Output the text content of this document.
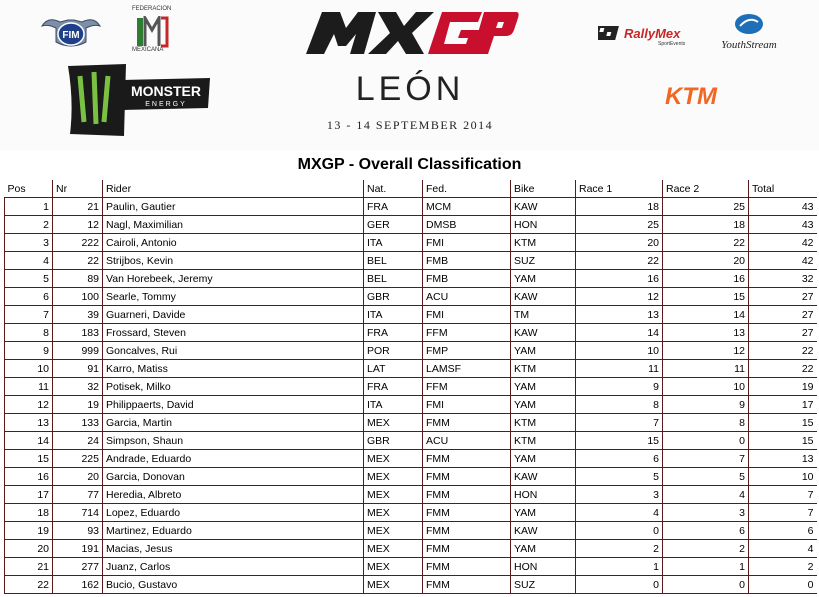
FIM
FEDERACION
MEXICANA
RallyMex
SportEvents	YouthStream
MONSTER
ENERGY	KTM
LEÓN
13 - 14 SEPTEMBER 2014
MXGP - Overall Classification
Pos	Nr	Rider	Nat.	Fed.	Bike	Race 1	Race 2	Total
1	21	Paulin, Gautier	FRA	MCM	KAW	18	25	43
2	12	Nagl, Maximilian	GER	DMSB	HON	25	18	43
3	222	Cairoli, Antonio	ITA	FMI	KTM	20	22	42
4	22	Strijbos, Kevin	BEL	FMB	SUZ	22	20	42
5	89	Van Horebeek, Jeremy	BEL	FMB	YAM	16	16	32
6	100	Searle, Tommy	GBR	ACU	KAW	12	15	27
7	39	Guarneri, Davide	ITA	FMI	TM	13	14	27
8	183	Frossard, Steven	FRA	FFM	KAW	14	13	27
9	999	Goncalves, Rui	POR	FMP	YAM	10	12	22
10	91	Karro, Matiss	LAT	LAMSF	KTM	11	11	22
11	32	Potisek, Milko	FRA	FFM	YAM	9	10	19
12	19	Philippaerts, David	ITA	FMI	YAM	8	9	17
13	133	Garcia, Martin	MEX	FMM	KTM	7	8	15
14	24	Simpson, Shaun	GBR	ACU	KTM	15	0	15
15	225	Andrade, Eduardo	MEX	FMM	YAM	6	7	13
16	20	Garcia, Donovan	MEX	FMM	KAW	5	5	10
17	77	Heredia, Albreto	MEX	FMM	HON	3	4	7
18	714	Lopez, Eduardo	MEX	FMM	YAM	4	3	7
19	93	Martinez, Eduardo	MEX	FMM	KAW	0	6	6
20	191	Macias, Jesus	MEX	FMM	YAM	2	2	4
21	277	Juanz, Carlos	MEX	FMM	HON	1	1	2
22	162	Bucio, Gustavo	MEX	FMM	SUZ	0	0	0
